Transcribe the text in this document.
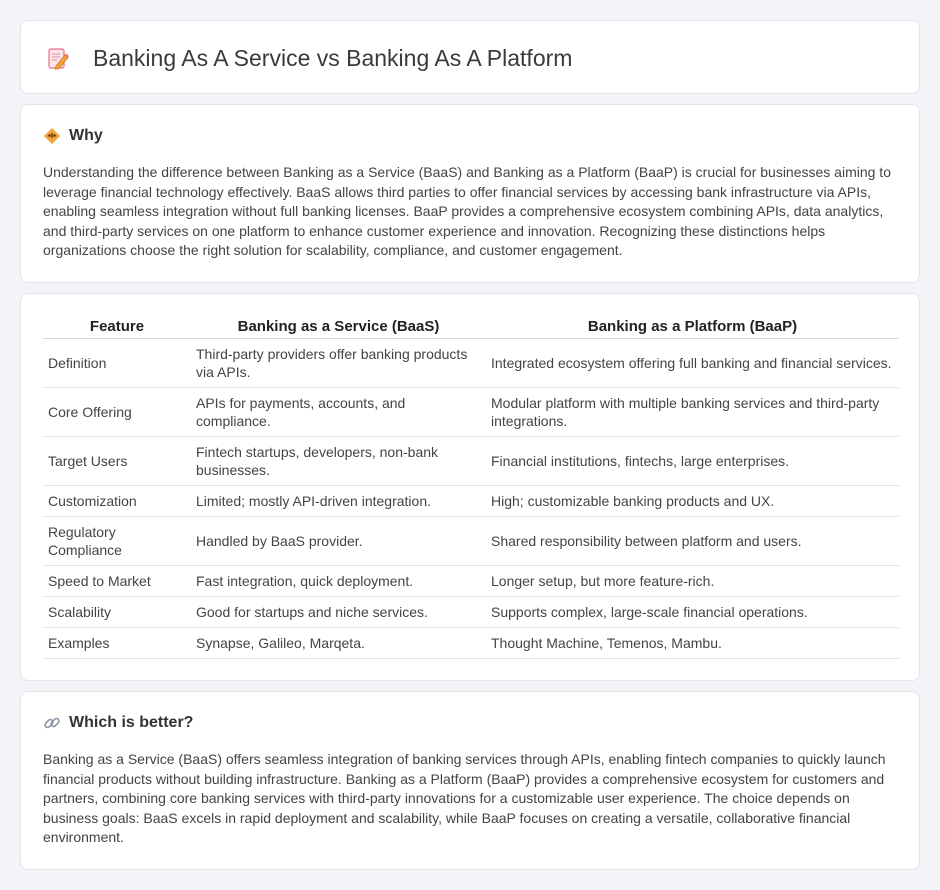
Banking As A Service vs Banking As A Platform
Why

Understanding the difference between Banking as a Service (BaaS) and Banking as a Platform (BaaP) is crucial for businesses aiming to leverage financial technology effectively. BaaS allows third parties to offer financial services by accessing bank infrastructure via APIs, enabling seamless integration without full banking licenses. BaaP provides a comprehensive ecosystem combining APIs, data analytics, and third-party services on one platform to enhance customer experience and innovation. Recognizing these distinctions helps organizations choose the right solution for scalability, compliance, and customer engagement.

Feature	Banking as a Service (BaaS)	Banking as a Platform (BaaP)
Definition	Third-party providers offer banking products via APIs.	Integrated ecosystem offering full banking and financial services.
Core Offering	APIs for payments, accounts, and compliance.	Modular platform with multiple banking services and third-party integrations.
Target Users	Fintech startups, developers, non-bank businesses.	Financial institutions, fintechs, large enterprises.
Customization	Limited; mostly API-driven integration.	High; customizable banking products and UX.
Regulatory Compliance	Handled by BaaS provider.	Shared responsibility between platform and users.
Speed to Market	Fast integration, quick deployment.	Longer setup, but more feature-rich.
Scalability	Good for startups and niche services.	Supports complex, large-scale financial operations.
Examples	Synapse, Galileo, Marqeta.	Thought Machine, Temenos, Mambu.
Which is better?

Banking as a Service (BaaS) offers seamless integration of banking services through APIs, enabling fintech companies to quickly launch financial products without building infrastructure. Banking as a Platform (BaaP) provides a comprehensive ecosystem for customers and partners, combining core banking services with third-party innovations for a customizable user experience. The choice depends on business goals: BaaS excels in rapid deployment and scalability, while BaaP focuses on creating a versatile, collaborative financial environment.
